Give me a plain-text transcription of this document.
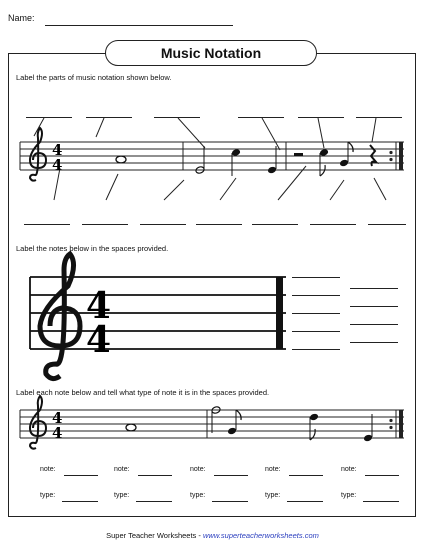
Name:
Music Notation
Label the parts of music notation shown below.
4
4
Label the notes below in the spaces provided.
4
4
Label each note below and tell what type of note it is in the spaces provided.
4
4
note:	note:	note:	note:	note:
type:	type:	type:	type:	type:
Super Teacher Worksheets - www.superteacherworksheets.com
